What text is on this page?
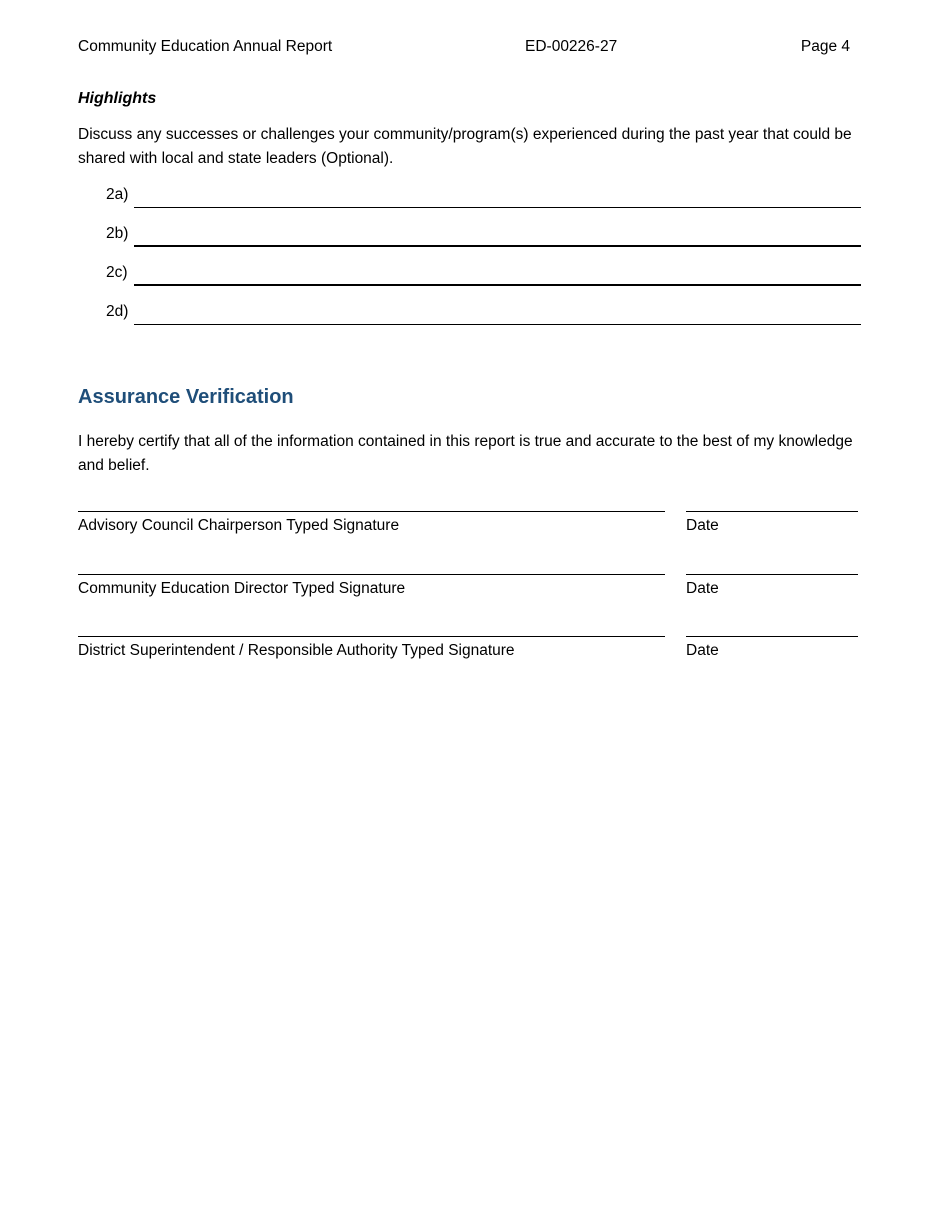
Community Education Annual Report	ED-00226-27	Page 4
Highlights
Discuss any successes or challenges your community/program(s) experienced during the past year that could be shared with local and state leaders (Optional).
2a)
2b)
2c)
2d)
Assurance Verification
I hereby certify that all of the information contained in this report is true and accurate to the best of my knowledge and belief.
Advisory Council Chairperson Typed Signature	Date
Community Education Director Typed Signature	Date
District Superintendent / Responsible Authority Typed Signature	Date
